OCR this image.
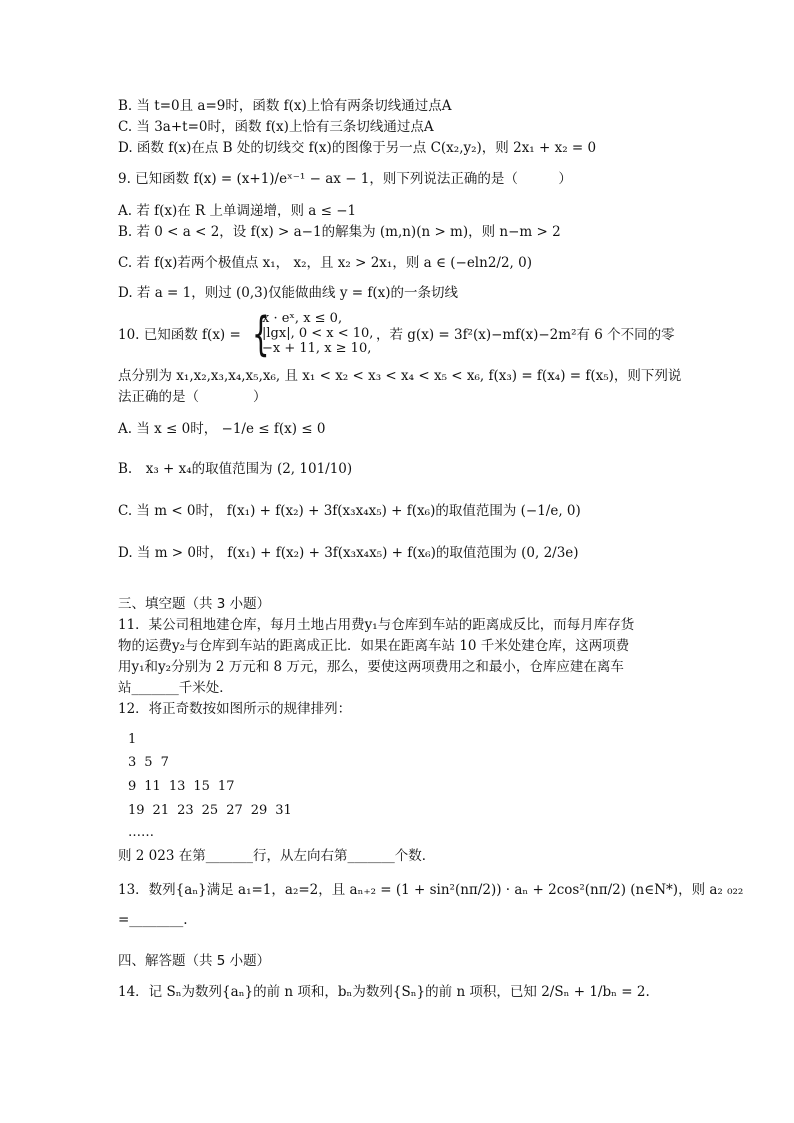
B. 当 t=0且 a=9时，函数 f(x)上恰有两条切线通过点A
C. 当 3a+t=0时，函数 f(x)上恰有三条切线通过点A
D. 函数 f(x)在点 B 处的切线交 f(x)的图像于另一点 C(x₂,y₂)，则 2x₁ + x₂ = 0
9. 已知函数 f(x) = (x+1)/eˣ⁻¹ − ax − 1，则下列说法正确的是（　　　）
A. 若 f(x)在 R 上单调递增，则 a ≤ −1
B. 若 0 < a < 2，设 f(x) > a−1的解集为 (m,n)(n > m)，则 n−m > 2
C. 若 f(x)若两个极值点 x₁， x₂，且 x₂ > 2x₁，则 a ∈ (−eln2/2, 0)
D. 若 a = 1，则过 (0,3)仅能做曲线 y = f(x)的一条切线
10. 已知函数 f(x) = {
x · eˣ, x ≤ 0,
|lgx|, 0 < x < 10,
−x + 11, x ≥ 10,
，若 g(x) = 3f²(x)−mf(x)−2m²有 6 个不同的零
点分别为 x₁,x₂,x₃,x₄,x₅,x₆, 且 x₁ < x₂ < x₃ < x₄ < x₅ < x₆, f(x₃) = f(x₄) = f(x₅)，则下列说
法正确的是（　　　　）
A. 当 x ≤ 0时， −1/e ≤ f(x) ≤ 0
B.　x₃ + x₄的取值范围为 (2, 101/10)
C. 当 m < 0时， f(x₁) + f(x₂) + 3f(x₃x₄x₅) + f(x₆)的取值范围为 (−1/e, 0)
D. 当 m > 0时， f(x₁) + f(x₂) + 3f(x₃x₄x₅) + f(x₆)的取值范围为 (0, 2/3e)
三、填空题（共 3 小题）
11．某公司租地建仓库，每月土地占用费y₁与仓库到车站的距离成反比，而每月库存货
物的运费y₂与仓库到车站的距离成正比．如果在距离车站 10 千米处建仓库，这两项费
用y₁和y₂分别为 2 万元和 8 万元，那么，要使这两项费用之和最小，仓库应建在离车
站_______千米处．
12．将正奇数按如图所示的规律排列：
1
3 5 7
9 11 13 15 17
19 21 23 25 27 29 31
……
则 2 023 在第_______行，从左向右第_______个数．
13．数列{aₙ}满足 a₁=1，a₂=2，且 aₙ₊₂ = (1 + sin²(nπ/2)) · aₙ + 2cos²(nπ/2) (n∈N*)，则 a₂ ₀₂₂
=________.
四、解答题（共 5 小题）
14．记 Sₙ为数列{aₙ}的前 n 项和，bₙ为数列{Sₙ}的前 n 项积，已知 2/Sₙ + 1/bₙ = 2.
